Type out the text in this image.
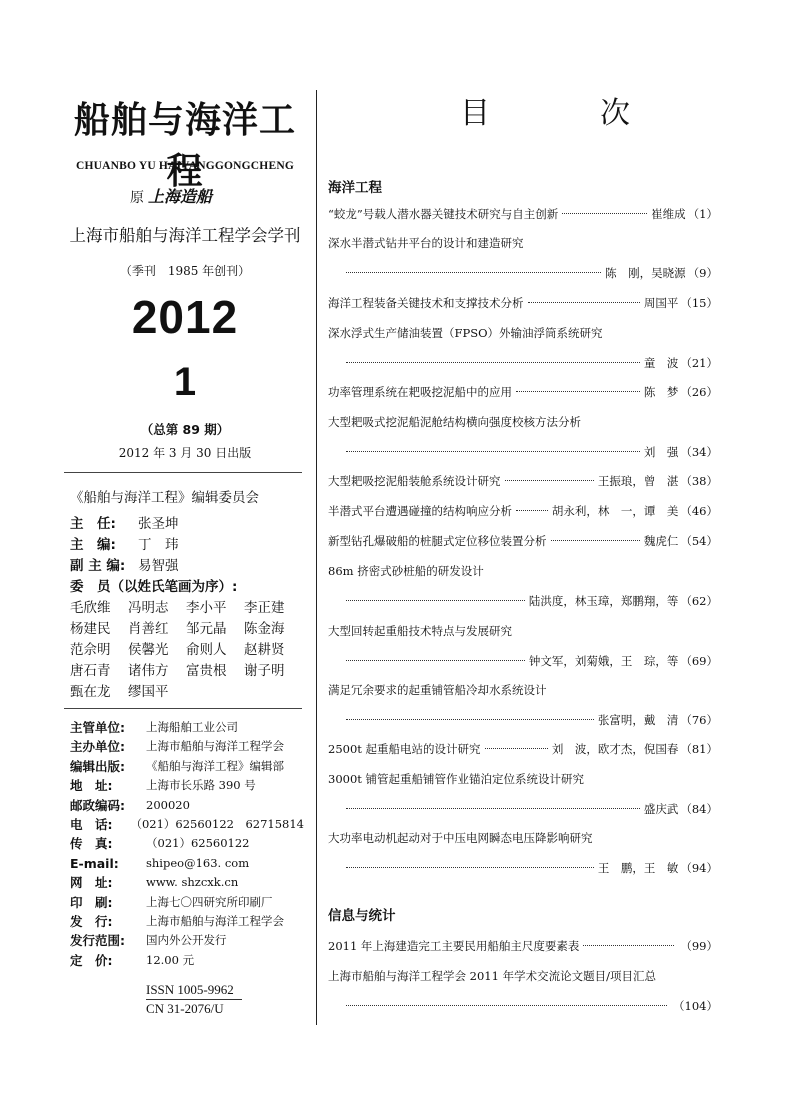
船舶与海洋工程
CHUANBO YU HAIYANGGONGCHENG
原 上海造船
上海市船舶与海洋工程学会学刊
（季刊　1985 年创刊）
2012
1
（总第 89 期）
2012 年 3 月 30 日出版
《船舶与海洋工程》编辑委员会
主　任: 张圣坤
主　编: 丁　玮
副 主 编: 易智强
委　员（以姓氏笔画为序）:
毛欣维	冯明志	李小平	李正建
杨建民	肖善红	邹元晶	陈金海
范佘明	侯馨光	俞则人	赵耕贤
唐石青	诸伟方	富贵根	谢子明
甄在龙	缪国平
主管单位:	上海船舶工业公司
主办单位:	上海市船舶与海洋工程学会
编辑出版:	《船舶与海洋工程》编辑部
地　址:	上海市长乐路 390 号
邮政编码:	200020
电　话:	（021）62560122　62715814
传　真:	（021）62560122
E-mail:	shipeo@163. com
网　址:	www. shzcxk.cn
印　刷:	上海七〇四研究所印刷厂
发　行:	上海市船舶与海洋工程学会
发行范围:	国内外公开发行
定　价:	12.00 元
ISSN 1005-9962
CN 31-2076/U
目　次
海洋工程
“蛟龙”号载人潜水器关键技术研究与自主创新	崔维成 （1）
深水半潜式钻井平台的设计和建造研究
陈　刚，吴晓源 （9）
海洋工程装备关键技术和支撑技术分析	周国平 （15）
深水浮式生产储油装置（FPSO）外输油浮筒系统研究
童　波 （21）
功率管理系统在耙吸挖泥船中的应用	陈　梦 （26）
大型耙吸式挖泥船泥舱结构横向强度校核方法分析
刘　强 （34）
大型耙吸挖泥船装舱系统设计研究	王振琅，曾　湛 （38）
半潜式平台遭遇碰撞的结构响应分析	胡永利，林　一，谭　美 （46）
新型钻孔爆破船的桩腿式定位移位装置分析	魏虎仁 （54）
86m 挤密式砂桩船的研发设计
陆洪度，林玉璋，郑鹏翔，等 （62）
大型回转起重船技术特点与发展研究
钟文军，刘菊娥，王　琮，等 （69）
满足冗余要求的起重铺管船冷却水系统设计
张富明，戴　清 （76）
2500t 起重船电站的设计研究	刘　波，欧才杰，倪国春 （81）
3000t 铺管起重船铺管作业锚泊定位系统设计研究
盛庆武 （84）
大功率电动机起动对于中压电网瞬态电压降影响研究
王　鹏，王　敏 （94）
信息与统计
2011 年上海建造完工主要民用船舶主尺度要素表	（99）
上海市船舶与海洋工程学会 2011 年学术交流论文题目/项目汇总
（104）
